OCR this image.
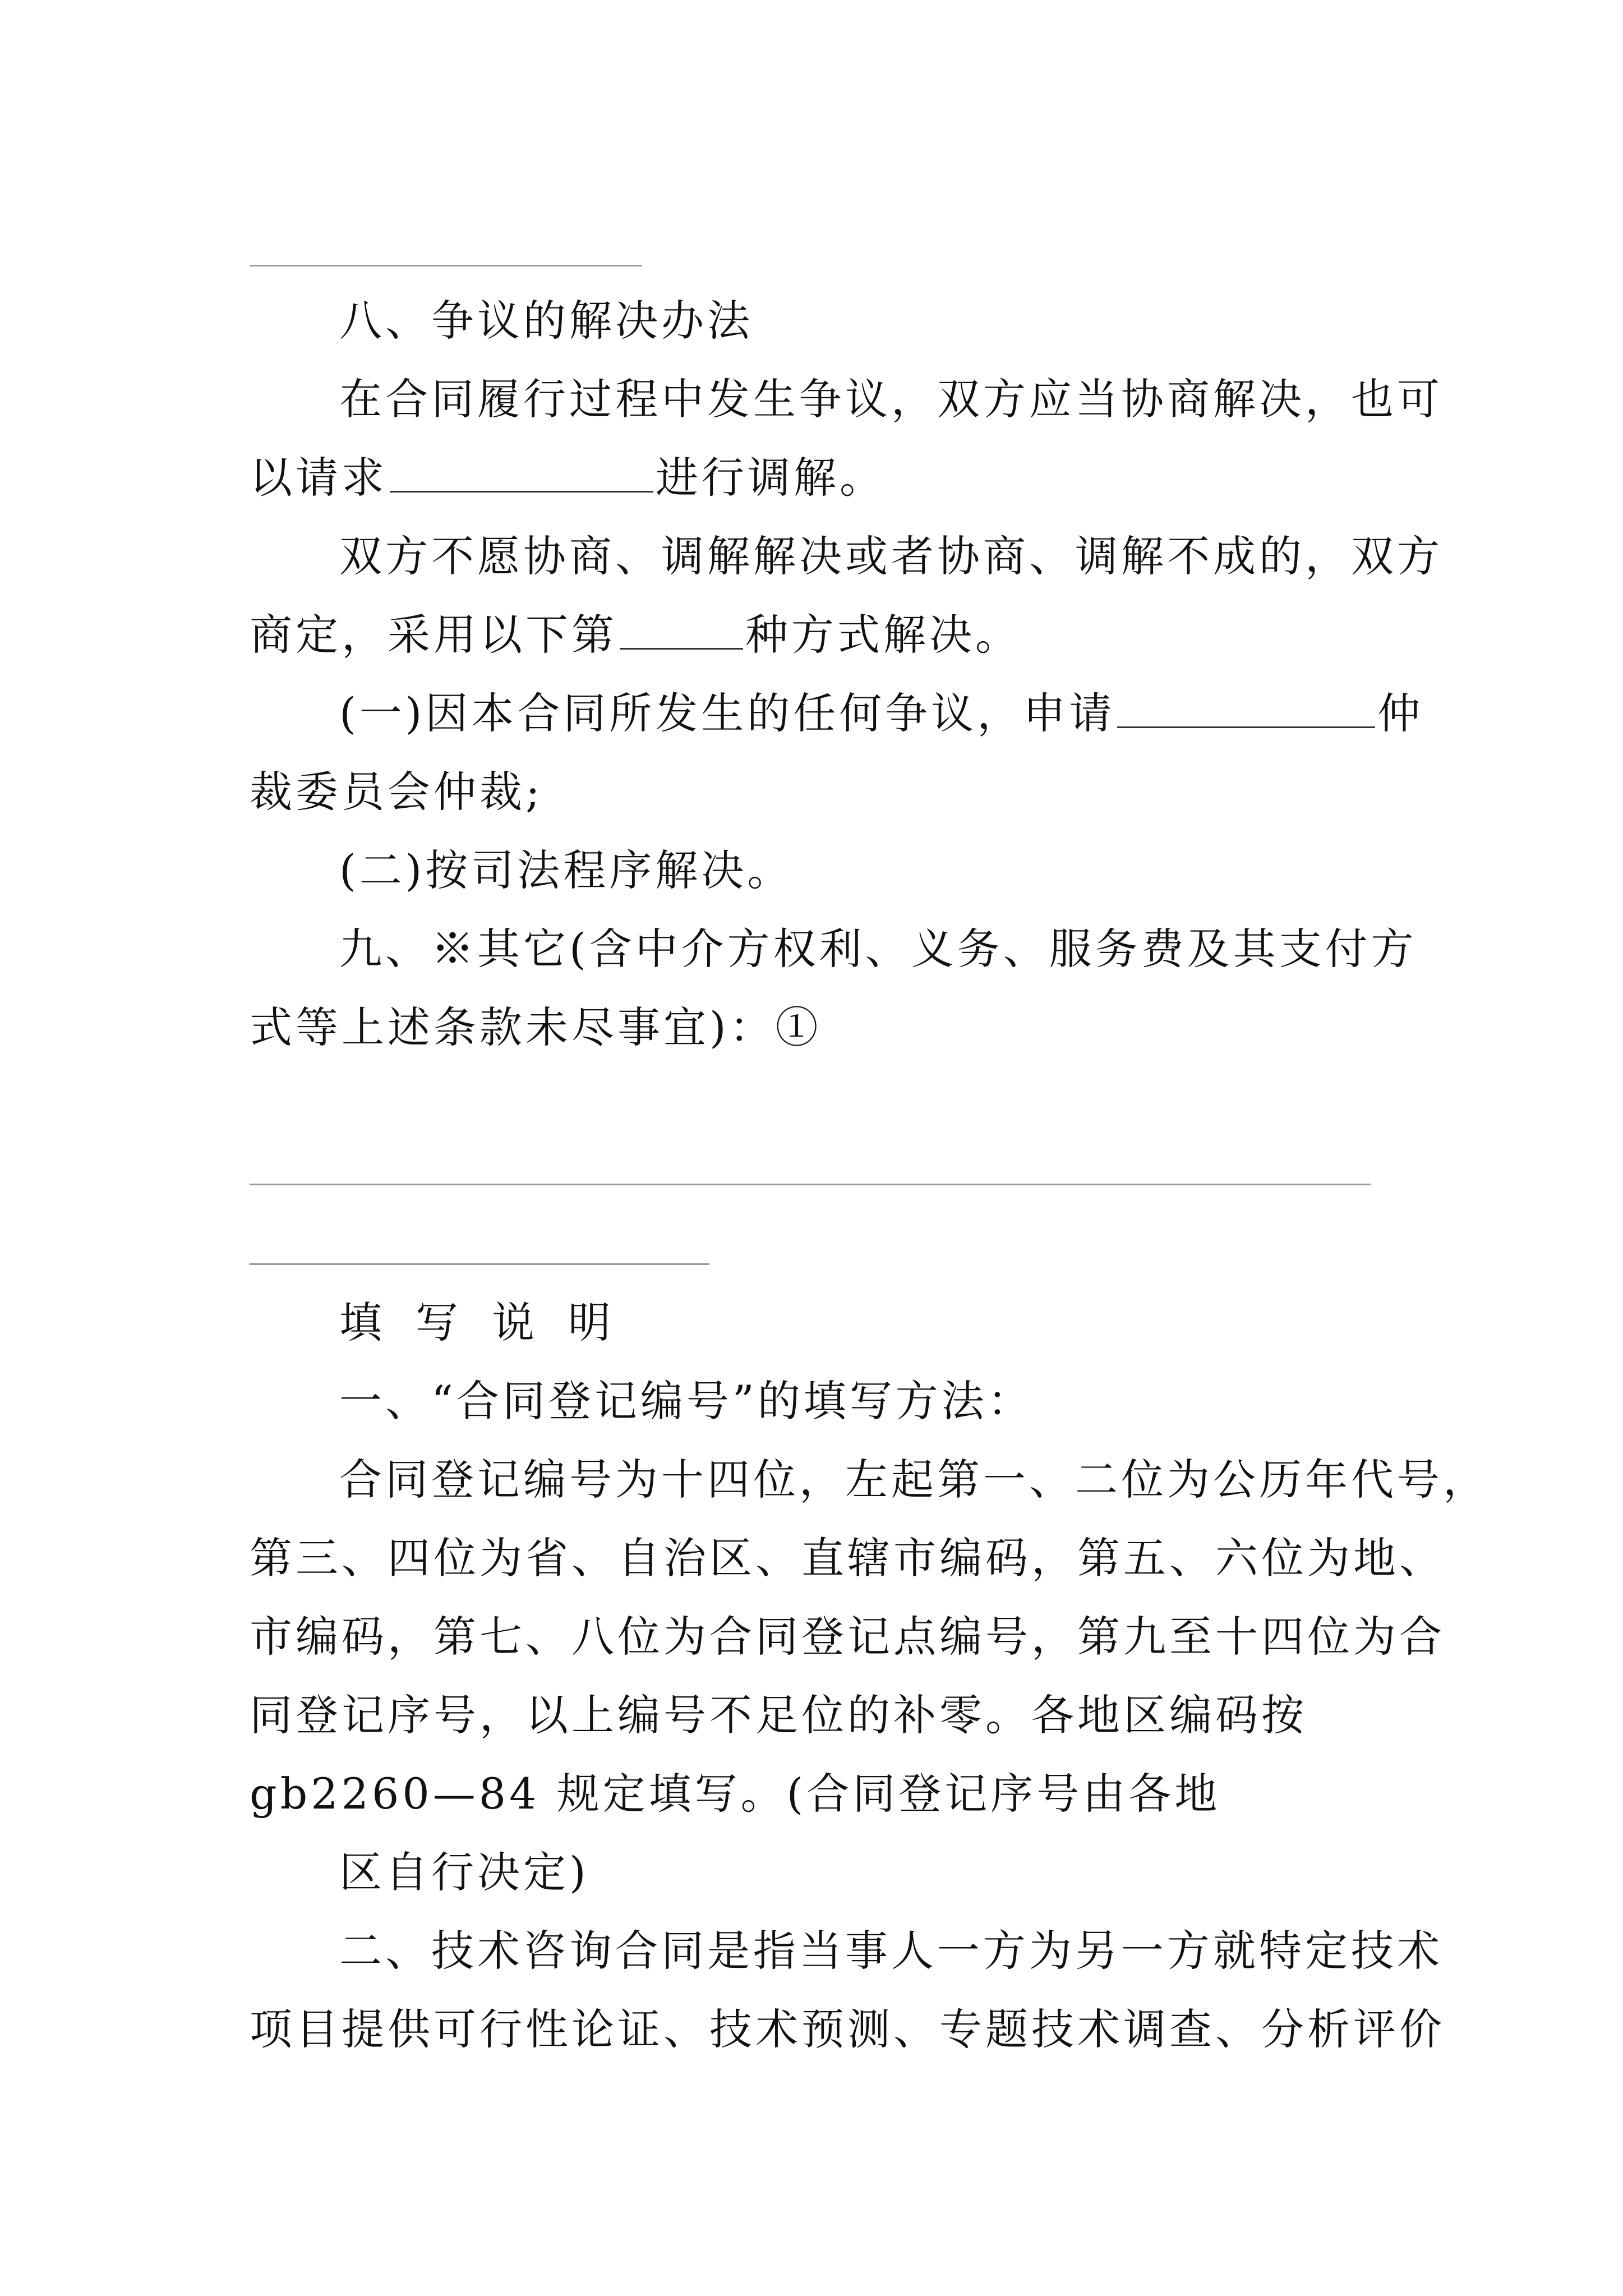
八、争议的解决办法
在合同履行过程中发生争议，双方应当协商解决，也可
以请求	进行调解。
双方不愿协商、调解解决或者协商、调解不成的，双方
商定，采用以下第	种方式解决。
(一)因本合同所发生的任何争议，申请	仲
裁委员会仲裁;
(二)按司法程序解决。
九、※其它(含中介方权利、义务、服务费及其支付方
式等上述条款未尽事宜)：①
填写说明
一、“合同登记编号”的填写方法：
合同登记编号为十四位，左起第一、二位为公历年代号，
第三、四位为省、自治区、直辖市编码，第五、六位为地、
市编码，第七、八位为合同登记点编号，第九至十四位为合
同登记序号，以上编号不足位的补零。各地区编码按
gb2260—84 规定填写。(合同登记序号由各地
区自行决定)
二、技术咨询合同是指当事人一方为另一方就特定技术
项目提供可行性论证、技术预测、专题技术调查、分析评价
